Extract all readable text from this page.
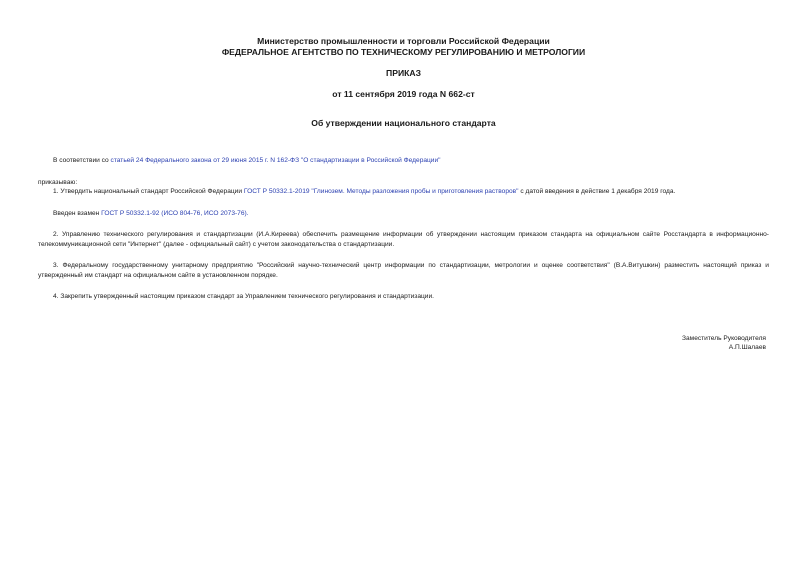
Министерство промышленности и торговли Российской Федерации
ФЕДЕРАЛЬНОЕ АГЕНТСТВО ПО ТЕХНИЧЕСКОМУ РЕГУЛИРОВАНИЮ И МЕТРОЛОГИИ
ПРИКАЗ
от 11 сентября 2019 года N 662-ст
Об утверждении национального стандарта
В соответствии со статьей 24 Федерального закона от 29 июня 2015 г. N 162-ФЗ "О стандартизации в Российской Федерации"
приказываю:
1. Утвердить национальный стандарт Российской Федерации ГОСТ Р 50332.1-2019 "Глинозем. Методы разложения пробы и приготовления растворов" с датой введения в действие 1 декабря 2019 года.
Введен взамен ГОСТ Р 50332.1-92 (ИСО 804-76, ИСО 2073-76).
2. Управлению технического регулирования и стандартизации (И.А.Киреева) обеспечить размещение информации об утверждении настоящим приказом стандарта на официальном сайте Росстандарта в информационно-телекоммуникационной сети "Интернет" (далее - официальный сайт) с учетом законодательства о стандартизации.
3. Федеральному государственному унитарному предприятию "Российский научно-технический центр информации по стандартизации, метрологии и оценке соответствия" (В.А.Витушкин) разместить настоящий приказ и утвержденный им стандарт на официальном сайте в установленном порядке.
4. Закрепить утвержденный настоящим приказом стандарт за Управлением технического регулирования и стандартизации.
Заместитель Руководителя
А.П.Шалаев
